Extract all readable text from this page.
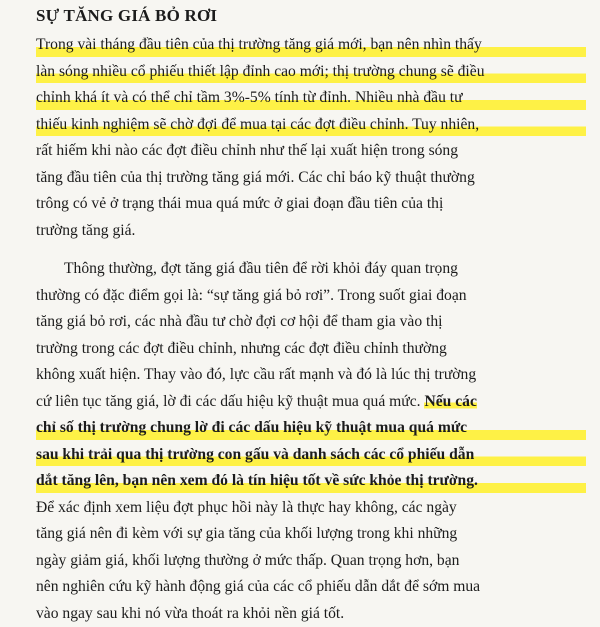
SỰ TĂNG GIÁ BỎ RƠI

Trong vài tháng đầu tiên của thị trường tăng giá mới, bạn nên nhìn thấy
làn sóng nhiều cổ phiếu thiết lập đỉnh cao mới; thị trường chung sẽ điều
chỉnh khá ít và có thể chỉ tầm 3%-5% tính từ đỉnh. Nhiều nhà đầu tư
thiếu kinh nghiệm sẽ chờ đợi để mua tại các đợt điều chỉnh. Tuy nhiên,
rất hiếm khi nào các đợt điều chỉnh như thế lại xuất hiện trong sóng
tăng đầu tiên của thị trường tăng giá mới. Các chỉ báo kỹ thuật thường
trông có vẻ ở trạng thái mua quá mức ở giai đoạn đầu tiên của thị
trường tăng giá.

Thông thường, đợt tăng giá đầu tiên để rời khỏi đáy quan trọng
thường có đặc điểm gọi là: “sự tăng giá bỏ rơi”. Trong suốt giai đoạn
tăng giá bỏ rơi, các nhà đầu tư chờ đợi cơ hội để tham gia vào thị
trường trong các đợt điều chỉnh, nhưng các đợt điều chỉnh thường
không xuất hiện. Thay vào đó, lực cầu rất mạnh và đó là lúc thị trường
cứ liên tục tăng giá, lờ đi các dấu hiệu kỹ thuật mua quá mức. Nếu các
chỉ số thị trường chung lờ đi các dấu hiệu kỹ thuật mua quá mức
sau khi trải qua thị trường con gấu và danh sách các cổ phiếu dẫn
dắt tăng lên, bạn nên xem đó là tín hiệu tốt về sức khỏe thị trường.
Để xác định xem liệu đợt phục hồi này là thực hay không, các ngày
tăng giá nên đi kèm với sự gia tăng của khối lượng trong khi những
ngày giảm giá, khối lượng thường ở mức thấp. Quan trọng hơn, bạn
nên nghiên cứu kỹ hành động giá của các cổ phiếu dẫn dắt để sớm mua
vào ngay sau khi nó vừa thoát ra khỏi nền giá tốt.
